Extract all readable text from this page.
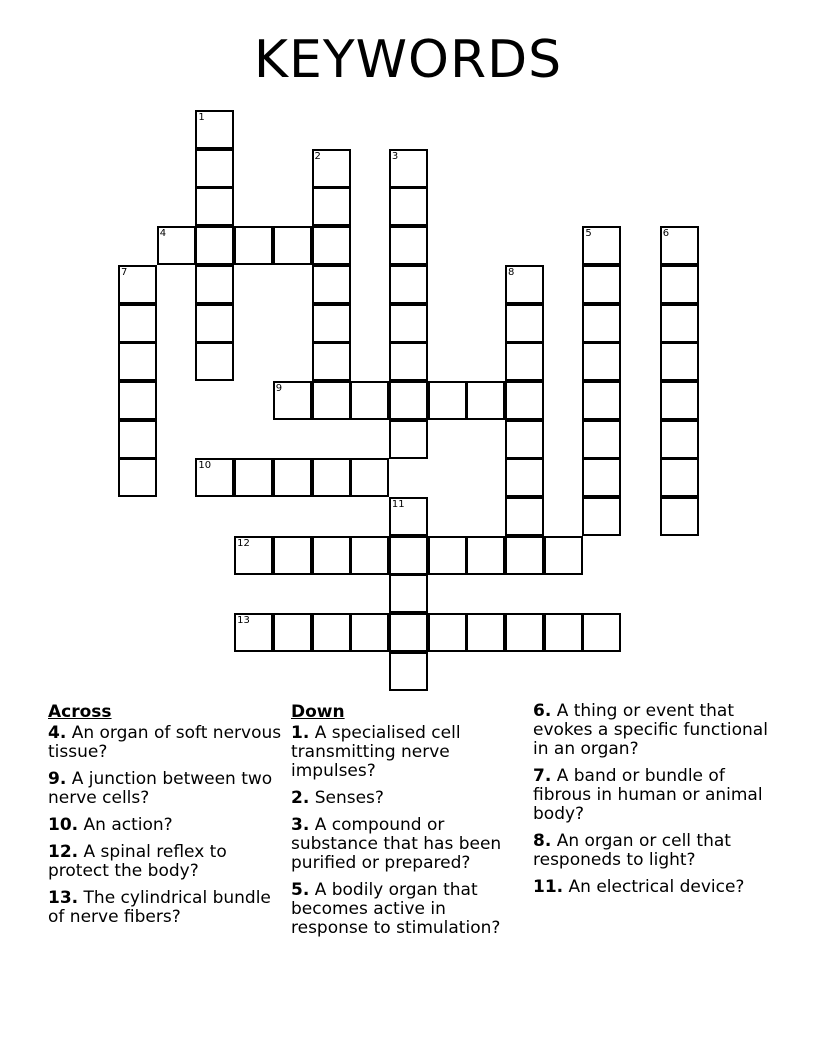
KEYWORDS
1
2	3
4	5	6
7	8
9
10
11
12
13
Across
4. An organ of soft nervous tissue?
9. A junction between two nerve cells?
10. An action?
12. A spinal reflex to protect the body?
13. The cylindrical bundle of nerve fibers?
Down
1. A specialised cell transmitting nerve impulses?
2. Senses?
3. A compound or substance that has been purified or prepared?
5. A bodily organ that becomes active in response to stimulation?
6. A thing or event that evokes a specific functional in an organ?
7. A band or bundle of fibrous in human or animal body?
8. An organ or cell that responeds to light?
11. An electrical device?
